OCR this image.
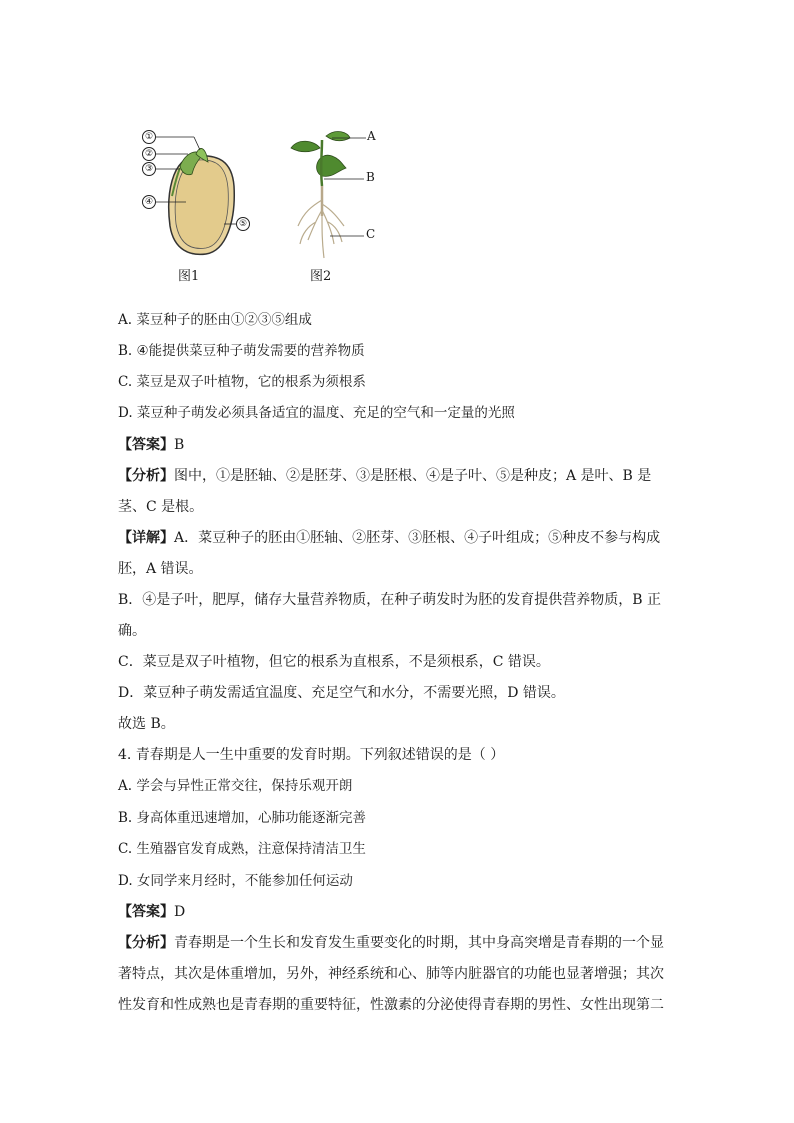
①
②
③
④
⑤
A
B
C
图1	图2
A. 菜豆种子的胚由①②③⑤组成
B. ④能提供菜豆种子萌发需要的营养物质
C. 菜豆是双子叶植物，它的根系为须根系
D. 菜豆种子萌发必须具备适宜的温度、充足的空气和一定量的光照
【答案】B
【分析】图中，①是胚轴、②是胚芽、③是胚根、④是子叶、⑤是种皮；A 是叶、B 是
茎、C 是根。
【详解】A．菜豆种子的胚由①胚轴、②胚芽、③胚根、④子叶组成；⑤种皮不参与构成
胚，A 错误。
B．④是子叶，肥厚，储存大量营养物质，在种子萌发时为胚的发育提供营养物质，B 正
确。
C．菜豆是双子叶植物，但它的根系为直根系，不是须根系，C 错误。
D．菜豆种子萌发需适宜温度、充足空气和水分，不需要光照，D 错误。
故选 B。
4. 青春期是人一生中重要的发育时期。下列叙述错误的是（ ）
A. 学会与异性正常交往，保持乐观开朗
B. 身高体重迅速增加，心肺功能逐渐完善
C. 生殖器官发育成熟，注意保持清洁卫生
D. 女同学来月经时，不能参加任何运动
【答案】D
【分析】青春期是一个生长和发育发生重要变化的时期，其中身高突增是青春期的一个显
著特点，其次是体重增加，另外，神经系统和心、肺等内脏器官的功能也显著增强；其次
性发育和性成熟也是青春期的重要特征，性激素的分泌使得青春期的男性、女性出现第二
